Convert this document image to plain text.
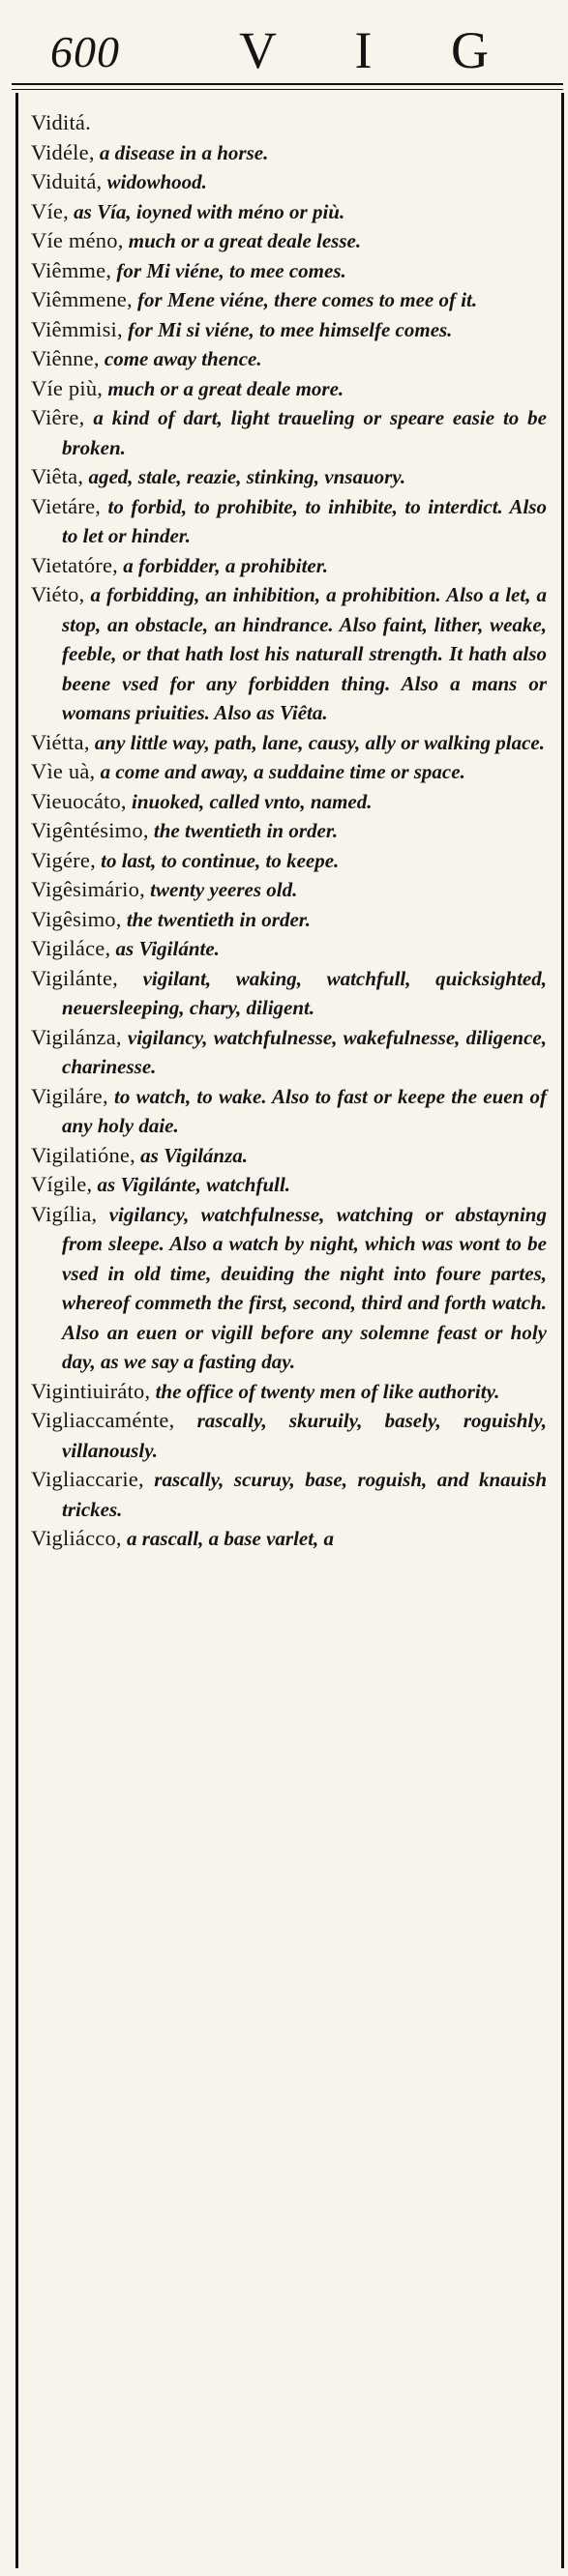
600 V I G
Viditá.
Vidéle, a disease in a horse.
Viduitá, widowhood.
Víe, as Vía, ioyned with méno or più.
Víe méno, much or a great deale lesse.
Viêmme, for Mi viéne, to mee comes.
Viêmmene, for Mene viéne, there comes to mee of it.
Viêmmisi, for Mi si viéne, to mee himselfe comes.
Viênne, come away thence.
Víe più, much or a great deale more.
Viêre, a kind of dart, light traueling or speare easie to be broken.
Viêta, aged, stale, reazie, stinking, vnsauory.
Vietáre, to forbid, to prohibite, to inhibite, to interdict. Also to let or hinder.
Vietatóre, a forbidder, a prohibiter.
Viéto, a forbidding, an inhibition, a prohibition. Also a let, a stop, an obstacle, an hindrance. Also faint, lither, weake, feeble, or that hath lost his naturall strength. It hath also beene vsed for any forbidden thing. Also a mans or womans priuities. Also as Viêta.
Viétta, any little way, path, lane, causy, ally or walking place.
Vìe uà, a come and away, a suddaine time or space.
Vieuocáto, inuoked, called vnto, named.
Vigêntésimo, the twentieth in order.
Vigére, to last, to continue, to keepe.
Vigêsimário, twenty yeeres old.
Vigêsimo, the twentieth in order.
Vigiláce, as Vigilánte.
Vigilánte, vigilant, waking, watchfull, quicksighted, neuersleeping, chary, diligent.
Vigilánza, vigilancy, watchfulnesse, wakefulnesse, diligence, charinesse.
Vigiláre, to watch, to wake. Also to fast or keepe the euen of any holy daie.
Vigilatióne, as Vigilánza.
Vígile, as Vigilánte, watchfull.
Vigília, vigilancy, watchfulnesse, watching or abstayning from sleepe. Also a watch by night, which was wont to be vsed in old time, deuiding the night into foure partes, whereof commeth the first, second, third and forth watch. Also an euen or vigill before any solemne feast or holy day, as we say a fasting day.
Vigintiuiráto, the office of twenty men of like authority.
Vigliaccaménte, rascally, skuruily, basely, roguishly, villanously.
Vigliaccarie, rascally, scuruy, base, roguish, and knauish trickes.
Vigliácco, a rascall, a base varlet, a
